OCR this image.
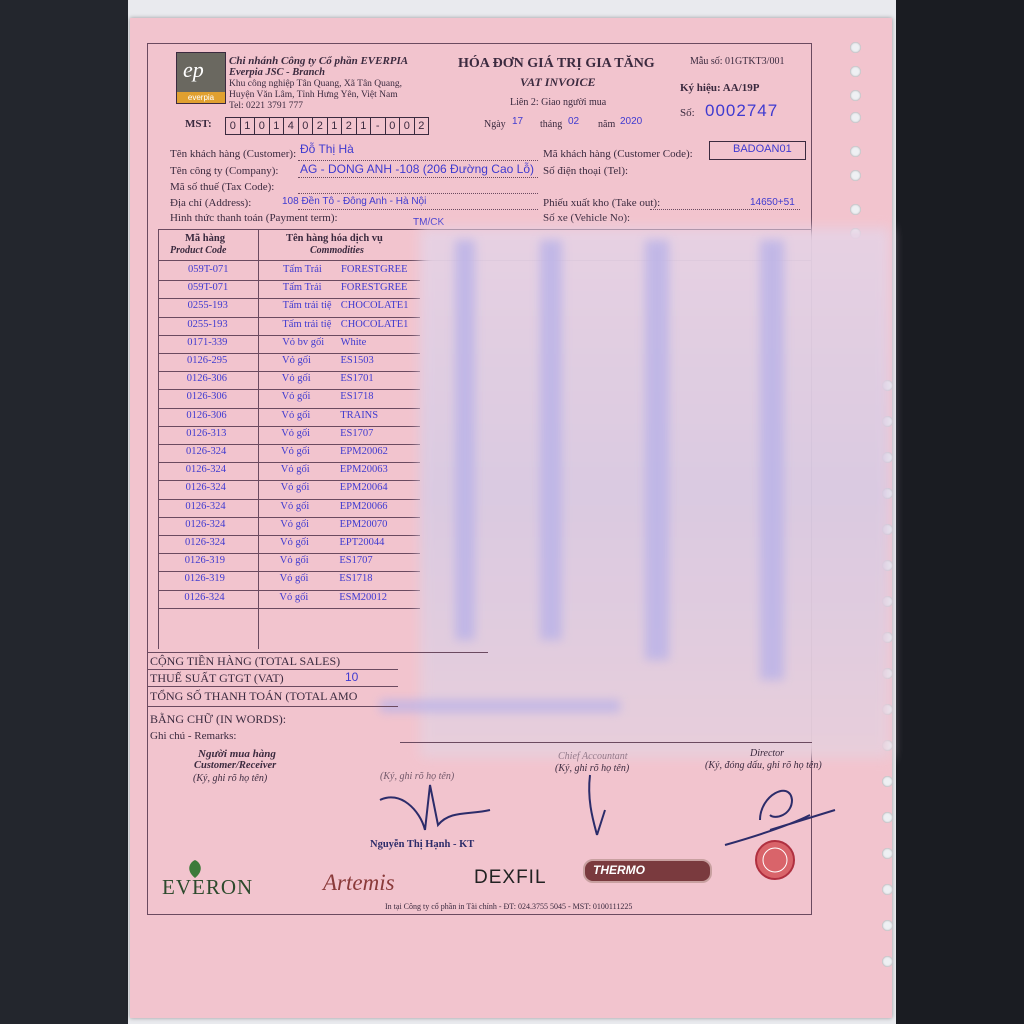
ep
everpia
Chi nhánh Công ty Cổ phần EVERPIA
Everpia JSC - Branch
Khu công nghiệp Tân Quang, Xã Tân Quang,
Huyện Văn Lâm, Tỉnh Hưng Yên, Việt Nam
Tel: 0221 3791 777
MST:	0 1 0 1 4 0 2 1 2 1 - 0 0 2
HÓA ĐƠN GIÁ TRỊ GIA TĂNG
VAT INVOICE
Liên 2: Giao người mua
Ngày 17 tháng 02 năm 2020
Mẫu số: 01GTKT3/001
Ký hiệu: AA/19P
Số: 0002747
Tên khách hàng (Customer): Đỗ Thị Hà	Mã khách hàng (Customer Code):	BADOAN01
Tên công ty (Company): AG - DONG ANH -108 (206 Đường Cao Lỗ) Số điện thoại (Tel):
Mã số thuế (Tax Code):
Địa chỉ (Address):	108 Đền Tô - Đông Anh - Hà Nội	Phiếu xuất kho (Take out):	14650+51
Hình thức thanh toán (Payment term):	TM/CK	Số xe (Vehicle No):
Mã hàng
Product Code
Tên hàng hóa dịch vụ
Commodities
059T-071	Tấm Trải FORESTGREE
059T-071	Tấm Trải FORESTGREE
0255-193	Tấm trải tiệ CHOCOLATE1
0255-193	Tấm trải tiệ CHOCOLATE1
0171-339	Vỏ bv gối White
0126-295	Vỏ gối	ES1503
0126-306	Vỏ gối	ES1701
0126-306	Vỏ gối	ES1718
0126-306	Vỏ gối	TRAINS
0126-313	Vỏ gối	ES1707
0126-324	Vỏ gối	EPM20062
0126-324	Vỏ gối	EPM20063
0126-324	Vỏ gối	EPM20064
0126-324	Vỏ gối	EPM20066
0126-324	Vỏ gối	EPM20070
0126-324	Vỏ gối	EPT20044
0126-319	Vỏ gối	ES1707
0126-319	Vỏ gối	ES1718
0126-324	Vỏ gối	ESM20012
CỘNG TIỀN HÀNG (TOTAL SALES)
THUẾ SUẤT GTGT (VAT)	10
TỔNG SỐ THANH TOÁN (TOTAL AMO
BẰNG CHỮ (IN WORDS):
Ghi chú - Remarks:
Người mua hàng
Customer/Receiver
(Ký, ghi rõ họ tên)	(Ký, ghi rõ họ tên)
Chief Accountant
(Ký, ghi rõ họ tên)
Director
(Ký, đóng dấu, ghi rõ họ tên)
Nguyễn Thị Hạnh - KT
EVERON	Artemis	DEXFIL	THERMO
In tại Công ty cổ phần in Tài chính - ĐT: 024.3755 5045 - MST: 0100111225
